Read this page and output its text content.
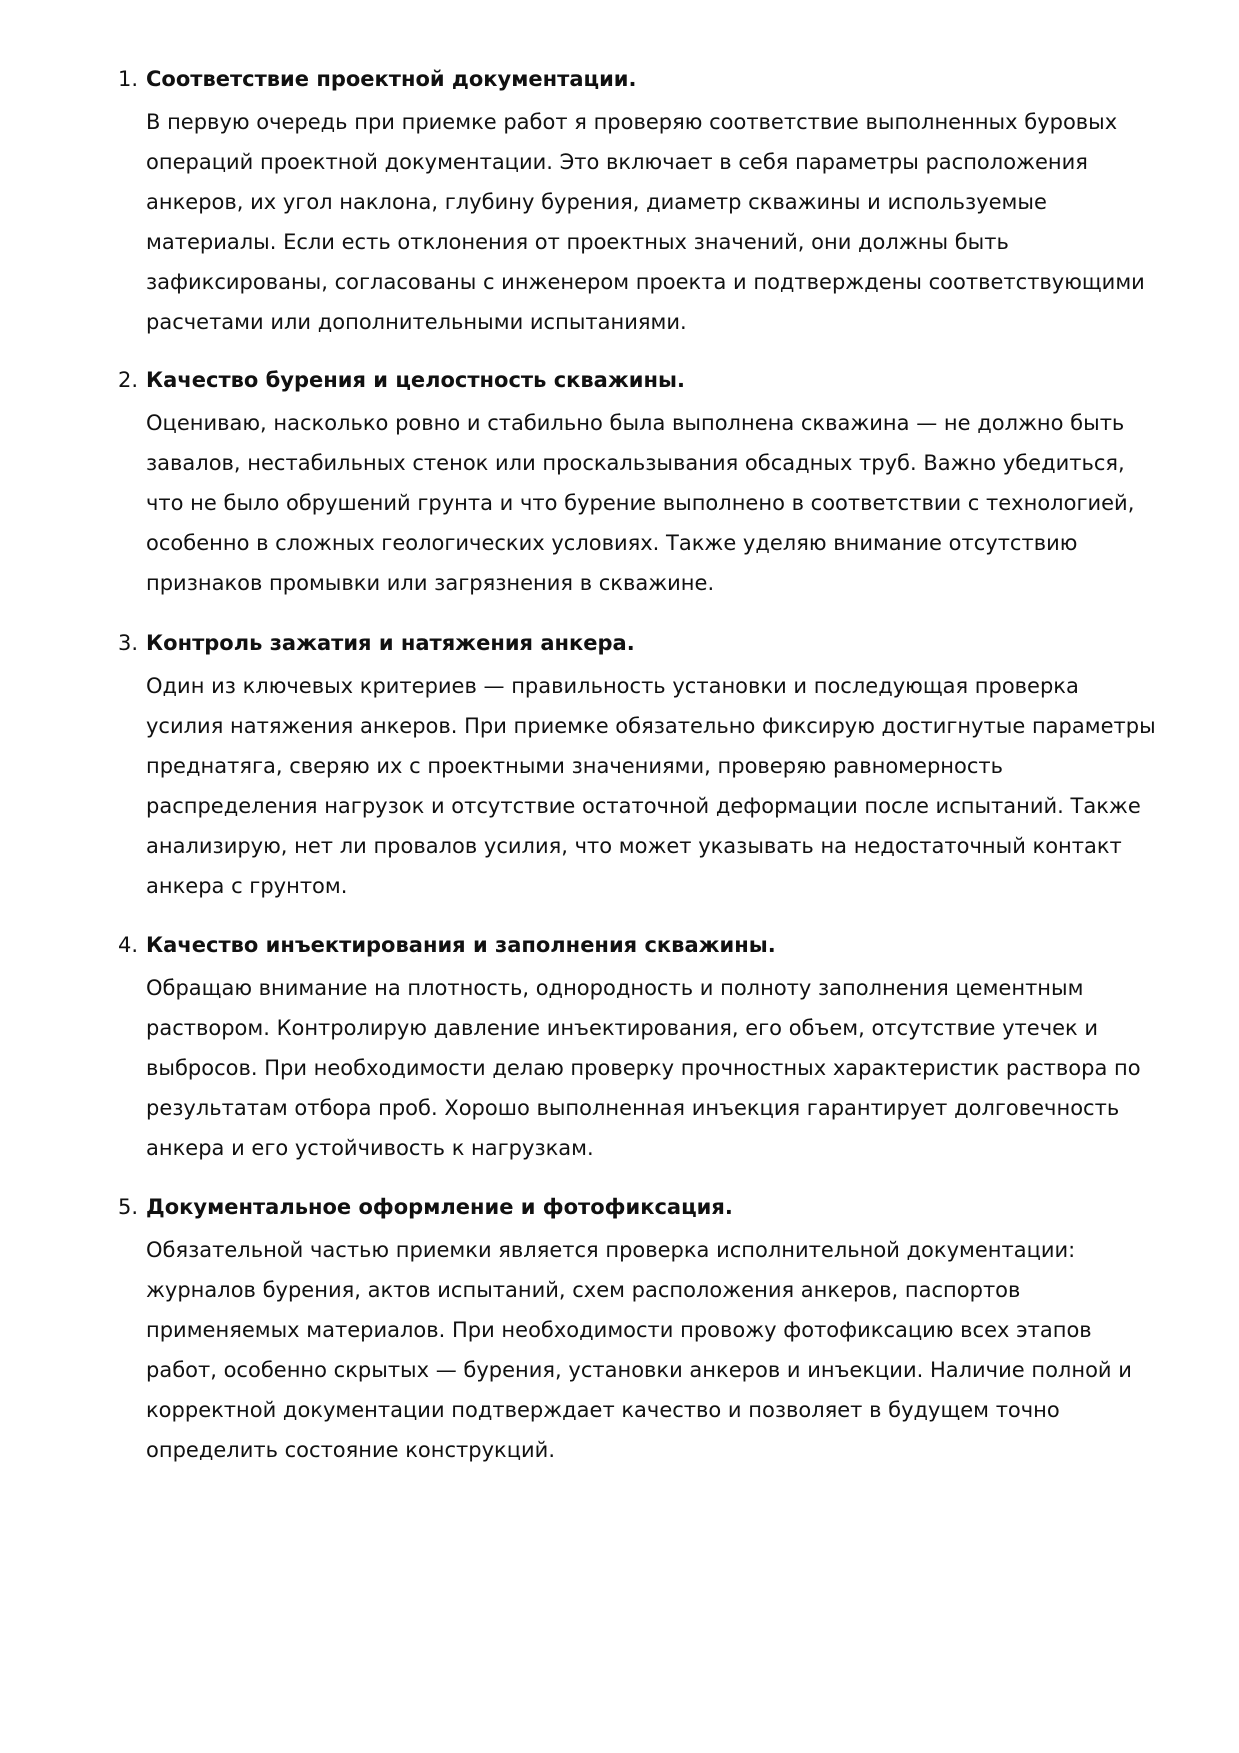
1. Соответствие проектной документации.
В первую очередь при приемке работ я проверяю соответствие выполненных буровых операций проектной документации. Это включает в себя параметры расположения анкеров, их угол наклона, глубину бурения, диаметр скважины и используемые материалы. Если есть отклонения от проектных значений, они должны быть зафиксированы, согласованы с инженером проекта и подтверждены соответствующими расчетами или дополнительными испытаниями.
2. Качество бурения и целостность скважины.
Оцениваю, насколько ровно и стабильно была выполнена скважина — не должно быть завалов, нестабильных стенок или проскальзывания обсадных труб. Важно убедиться, что не было обрушений грунта и что бурение выполнено в соответствии с технологией, особенно в сложных геологических условиях. Также уделяю внимание отсутствию признаков промывки или загрязнения в скважине.
3. Контроль зажатия и натяжения анкера.
Один из ключевых критериев — правильность установки и последующая проверка усилия натяжения анкеров. При приемке обязательно фиксирую достигнутые параметры преднатяга, сверяю их с проектными значениями, проверяю равномерность распределения нагрузок и отсутствие остаточной деформации после испытаний. Также анализирую, нет ли провалов усилия, что может указывать на недостаточный контакт анкера с грунтом.
4. Качество инъектирования и заполнения скважины.
Обращаю внимание на плотность, однородность и полноту заполнения цементным раствором. Контролирую давление инъектирования, его объем, отсутствие утечек и выбросов. При необходимости делаю проверку прочностных характеристик раствора по результатам отбора проб. Хорошо выполненная инъекция гарантирует долговечность анкера и его устойчивость к нагрузкам.
5. Документальное оформление и фотофиксация.
Обязательной частью приемки является проверка исполнительной документации: журналов бурения, актов испытаний, схем расположения анкеров, паспортов применяемых материалов. При необходимости провожу фотофиксацию всех этапов работ, особенно скрытых — бурения, установки анкеров и инъекции. Наличие полной и корректной документации подтверждает качество и позволяет в будущем точно определить состояние конструкций.
